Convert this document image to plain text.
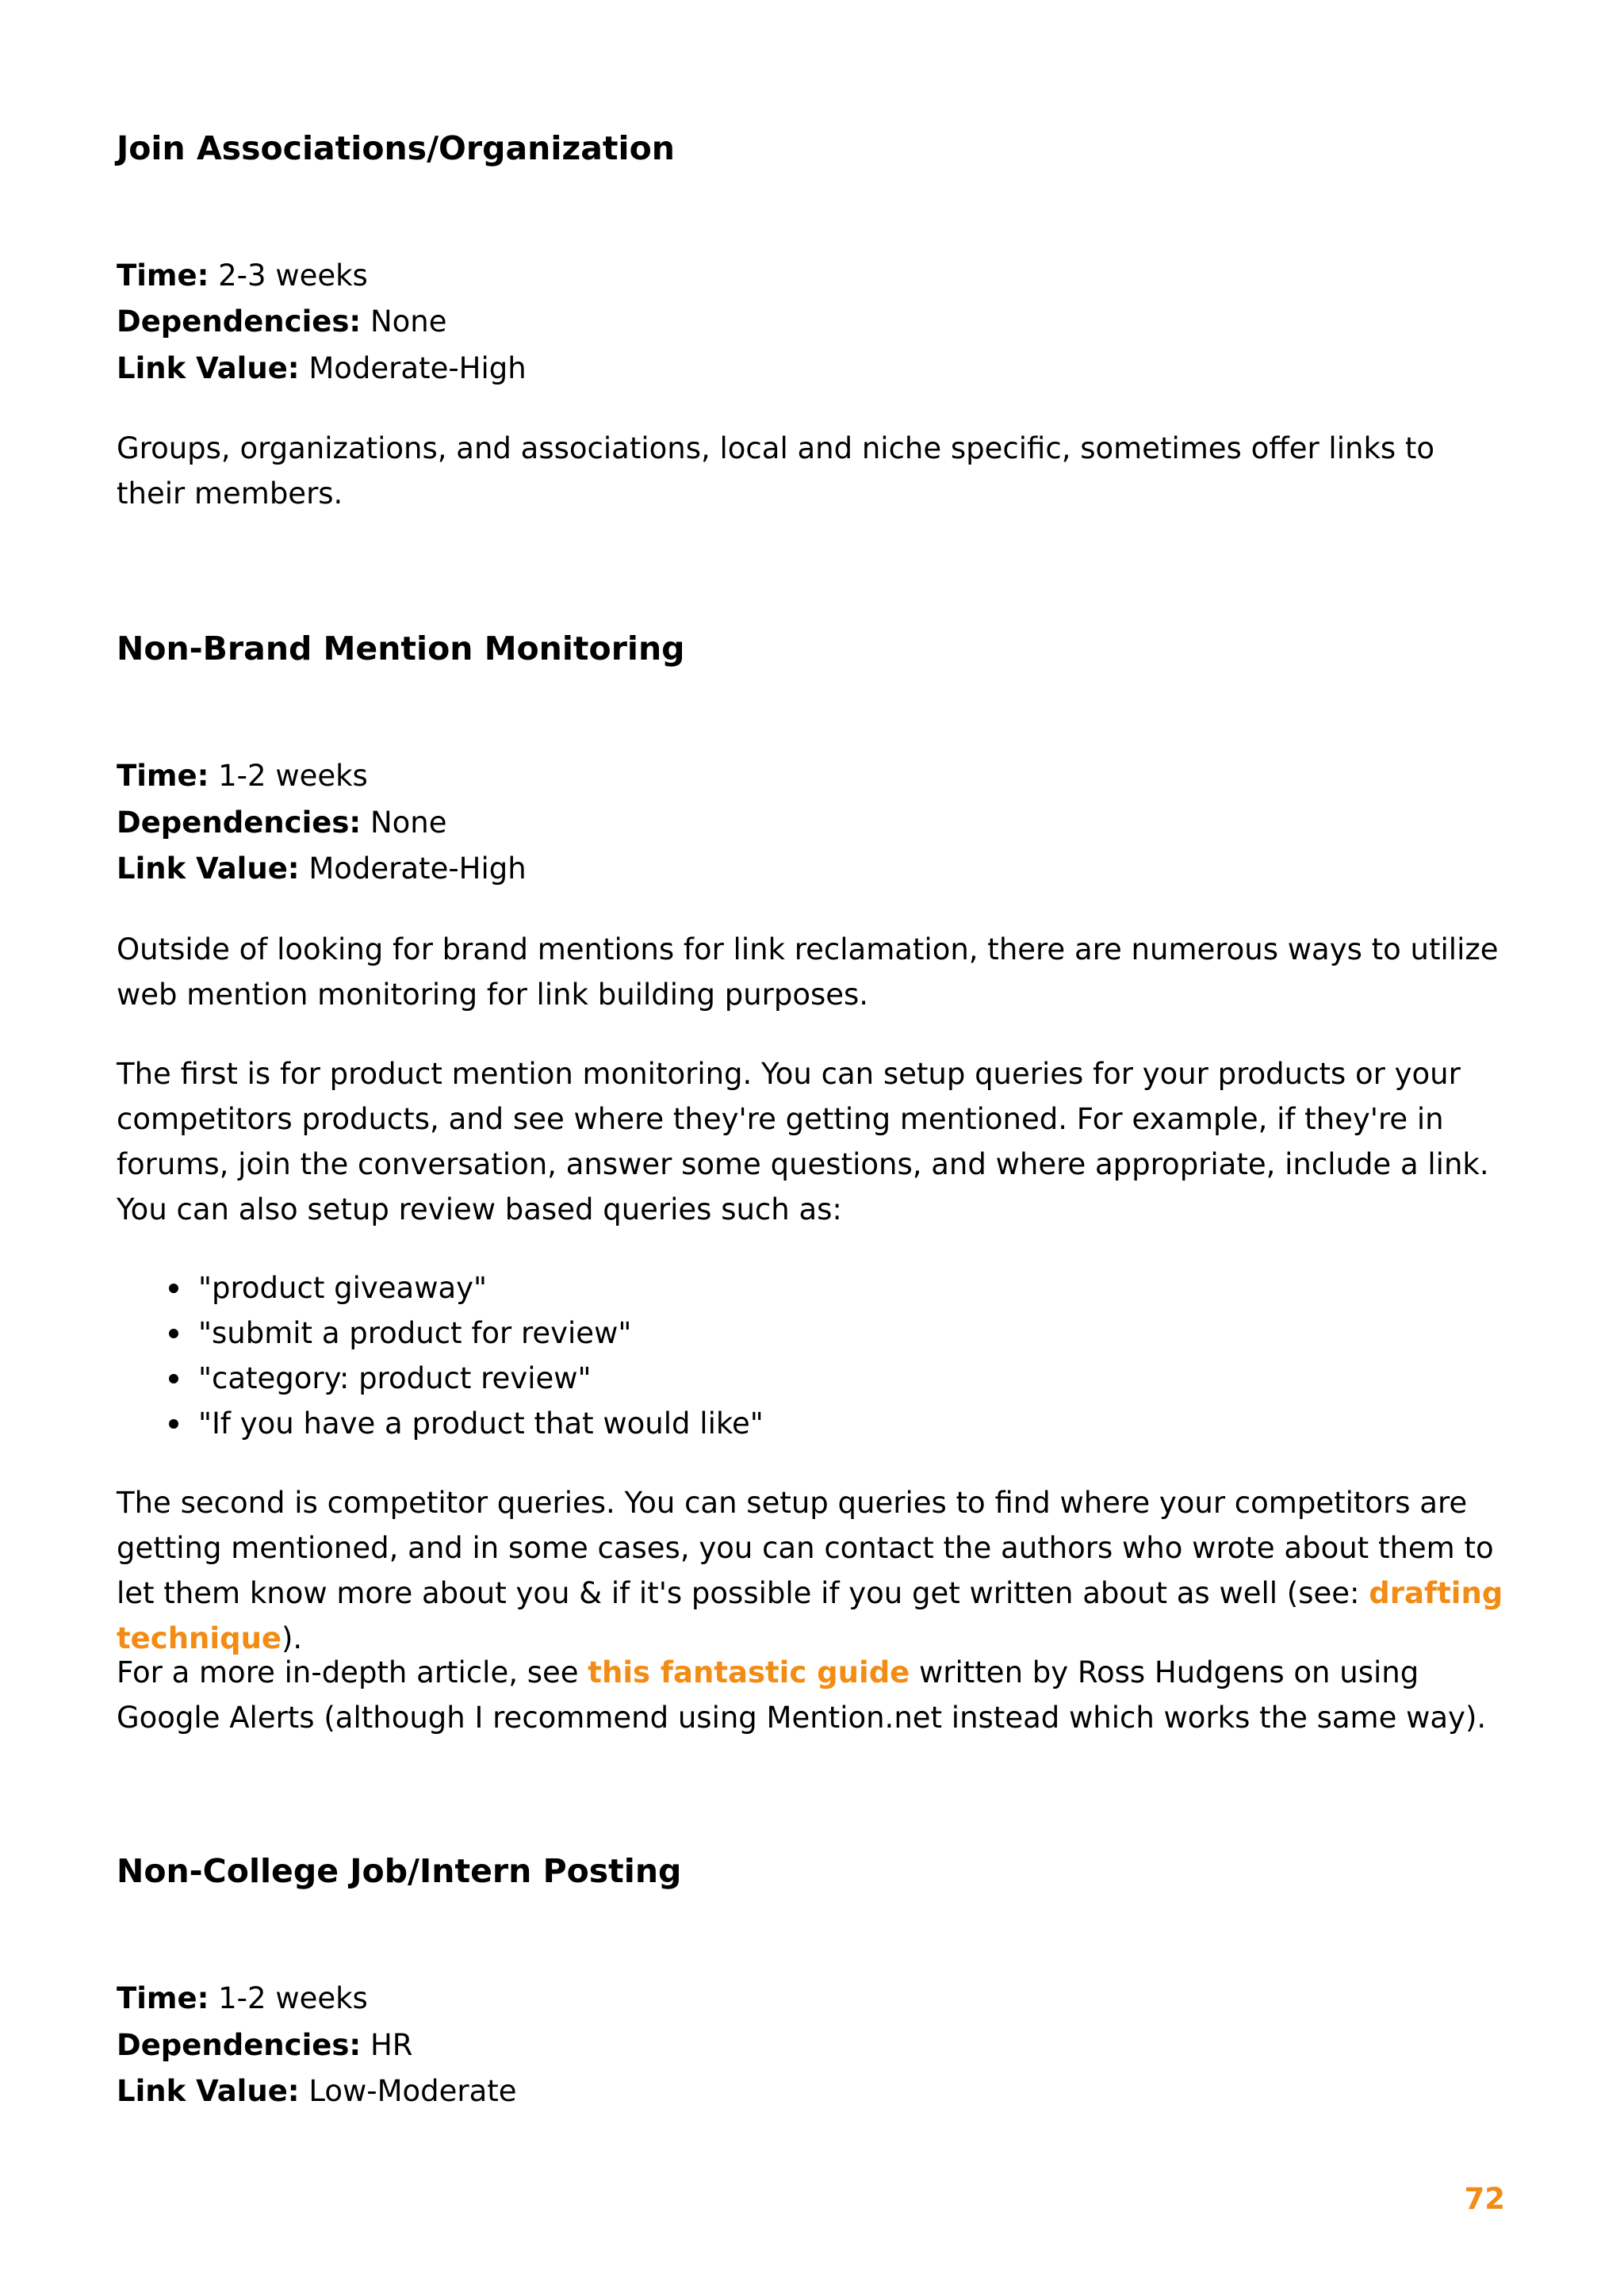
Join Associations/Organization
Time: 2-3 weeks
Dependencies: None
Link Value: Moderate-High

Groups, organizations, and associations, local and niche specific, sometimes offer links to their members.

Non-Brand Mention Monitoring
Time: 1-2 weeks
Dependencies: None
Link Value: Moderate-High

Outside of looking for brand mentions for link reclamation, there are numerous ways to utilize web mention monitoring for link building purposes.

The first is for product mention monitoring. You can setup queries for your products or your competitors products, and see where they're getting mentioned. For example, if they're in forums, join the conversation, answer some questions, and where appropriate, include a link. You can also setup review based queries such as:

"product giveaway"
"submit a product for review"
"category: product review"
"If you have a product that would like"

The second is competitor queries. You can setup queries to find where your competitors are getting mentioned, and in some cases, you can contact the authors who wrote about them to let them know more about you & if it's possible if you get written about as well (see: drafting technique).

For a more in-depth article, see this fantastic guide written by Ross Hudgens on using Google Alerts (although I recommend using Mention.net instead which works the same way).

Non-College Job/Intern Posting
Time: 1-2 weeks
Dependencies: HR
Link Value: Low-Moderate
72
